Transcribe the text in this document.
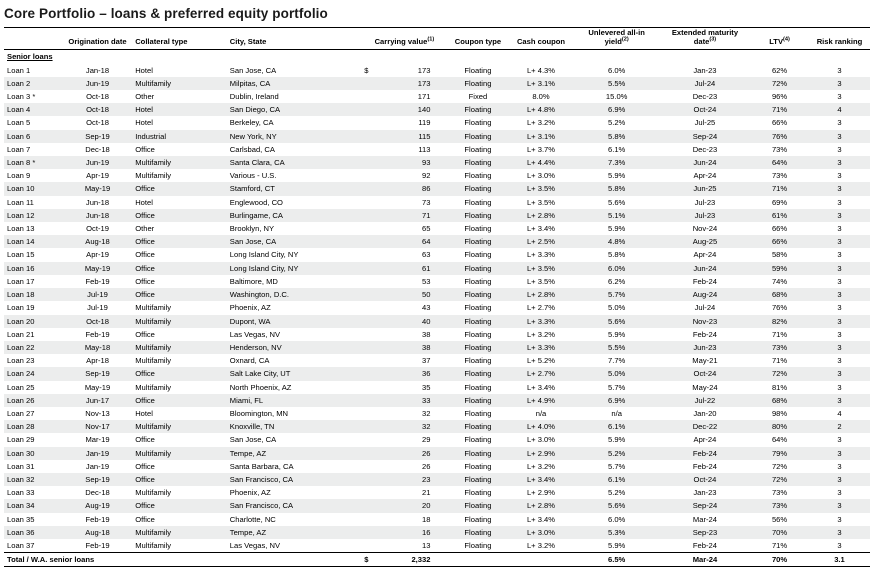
Core Portfolio – loans & preferred equity portfolio
	Origination date	Collateral type	City, State	Carrying value$^{(1)}$	Coupon type	Cash coupon	Unlevered all-in yield$^{(2)}$	Extended maturity date$^{(3)}$	LTV$^{(4)}$	Risk ranking
Senior loans										
Loan 1	Jan-18	Hotel	San Jose, CA	$ 173	Floating	L+ 4.3%	6.0%	Jan-23	62%	3
Loan 2	Jun-19	Multifamily	Milpitas, CA	173	Floating	L+ 3.1%	5.5%	Jul-24	72%	3
Loan 3 *	Oct-18	Other	Dublin, Ireland	171	Fixed	8.0%	15.0%	Dec-23	96%	3
Loan 4	Oct-18	Hotel	San Diego, CA	140	Floating	L+ 4.8%	6.9%	Oct-24	71%	4
Loan 5	Oct-18	Hotel	Berkeley, CA	119	Floating	L+ 3.2%	5.2%	Jul-25	66%	3
Loan 6	Sep-19	Industrial	New York, NY	115	Floating	L+ 3.1%	5.8%	Sep-24	76%	3
Loan 7	Dec-18	Office	Carlsbad, CA	113	Floating	L+ 3.7%	6.1%	Dec-23	73%	3
Loan 8 *	Jun-19	Multifamily	Santa Clara, CA	93	Floating	L+ 4.4%	7.3%	Jun-24	64%	3
Loan 9	Apr-19	Multifamily	Various - U.S.	92	Floating	L+ 3.0%	5.9%	Apr-24	73%	3
Loan 10	May-19	Office	Stamford, CT	86	Floating	L+ 3.5%	5.8%	Jun-25	71%	3
Loan 11	Jun-18	Hotel	Englewood, CO	73	Floating	L+ 3.5%	5.6%	Jul-23	69%	3
Loan 12	Jun-18	Office	Burlingame, CA	71	Floating	L+ 2.8%	5.1%	Jul-23	61%	3
Loan 13	Oct-19	Other	Brooklyn, NY	65	Floating	L+ 3.4%	5.9%	Nov-24	66%	3
Loan 14	Aug-18	Office	San Jose, CA	64	Floating	L+ 2.5%	4.8%	Aug-25	66%	3
Loan 15	Apr-19	Office	Long Island City, NY	63	Floating	L+ 3.3%	5.8%	Apr-24	58%	3
Loan 16	May-19	Office	Long Island City, NY	61	Floating	L+ 3.5%	6.0%	Jun-24	59%	3
Loan 17	Feb-19	Office	Baltimore, MD	53	Floating	L+ 3.5%	6.2%	Feb-24	74%	3
Loan 18	Jul-19	Office	Washington, D.C.	50	Floating	L+ 2.8%	5.7%	Aug-24	68%	3
Loan 19	Jul-19	Multifamily	Phoenix, AZ	43	Floating	L+ 2.7%	5.0%	Jul-24	76%	3
Loan 20	Oct-18	Multifamily	Dupont, WA	40	Floating	L+ 3.3%	5.6%	Nov-23	82%	3
Loan 21	Feb-19	Office	Las Vegas, NV	38	Floating	L+ 3.2%	5.9%	Feb-24	71%	3
Loan 22	May-18	Multifamily	Henderson, NV	38	Floating	L+ 3.3%	5.5%	Jun-23	73%	3
Loan 23	Apr-18	Multifamily	Oxnard, CA	37	Floating	L+ 5.2%	7.7%	May-21	71%	3
Loan 24	Sep-19	Office	Salt Lake City, UT	36	Floating	L+ 2.7%	5.0%	Oct-24	72%	3
Loan 25	May-19	Multifamily	North Phoenix, AZ	35	Floating	L+ 3.4%	5.7%	May-24	81%	3
Loan 26	Jun-17	Office	Miami, FL	33	Floating	L+ 4.9%	6.9%	Jul-22	68%	3
Loan 27	Nov-13	Hotel	Bloomington, MN	32	Floating	n/a	n/a	Jan-20	98%	4
Loan 28	Nov-17	Multifamily	Knoxville, TN	32	Floating	L+ 4.0%	6.1%	Dec-22	80%	2
Loan 29	Mar-19	Office	San Jose, CA	29	Floating	L+ 3.0%	5.9%	Apr-24	64%	3
Loan 30	Jan-19	Multifamily	Tempe, AZ	26	Floating	L+ 2.9%	5.2%	Feb-24	79%	3
Loan 31	Jan-19	Office	Santa Barbara, CA	26	Floating	L+ 3.2%	5.7%	Feb-24	72%	3
Loan 32	Sep-19	Office	San Francisco, CA	23	Floating	L+ 3.4%	6.1%	Oct-24	72%	3
Loan 33	Dec-18	Multifamily	Phoenix, AZ	21	Floating	L+ 2.9%	5.2%	Jan-23	73%	3
Loan 34	Aug-19	Office	San Francisco, CA	20	Floating	L+ 2.8%	5.6%	Sep-24	73%	3
Loan 35	Feb-19	Office	Charlotte, NC	18	Floating	L+ 3.4%	6.0%	Mar-24	56%	3
Loan 36	Aug-18	Multifamily	Tempe, AZ	16	Floating	L+ 3.0%	5.3%	Sep-23	70%	3
Loan 37	Feb-19	Multifamily	Las Vegas, NV	13	Floating	L+ 3.2%	5.9%	Feb-24	71%	3
Total / W.A. senior loans				$ 2,332			6.5%	Mar-24	70%	3.1
